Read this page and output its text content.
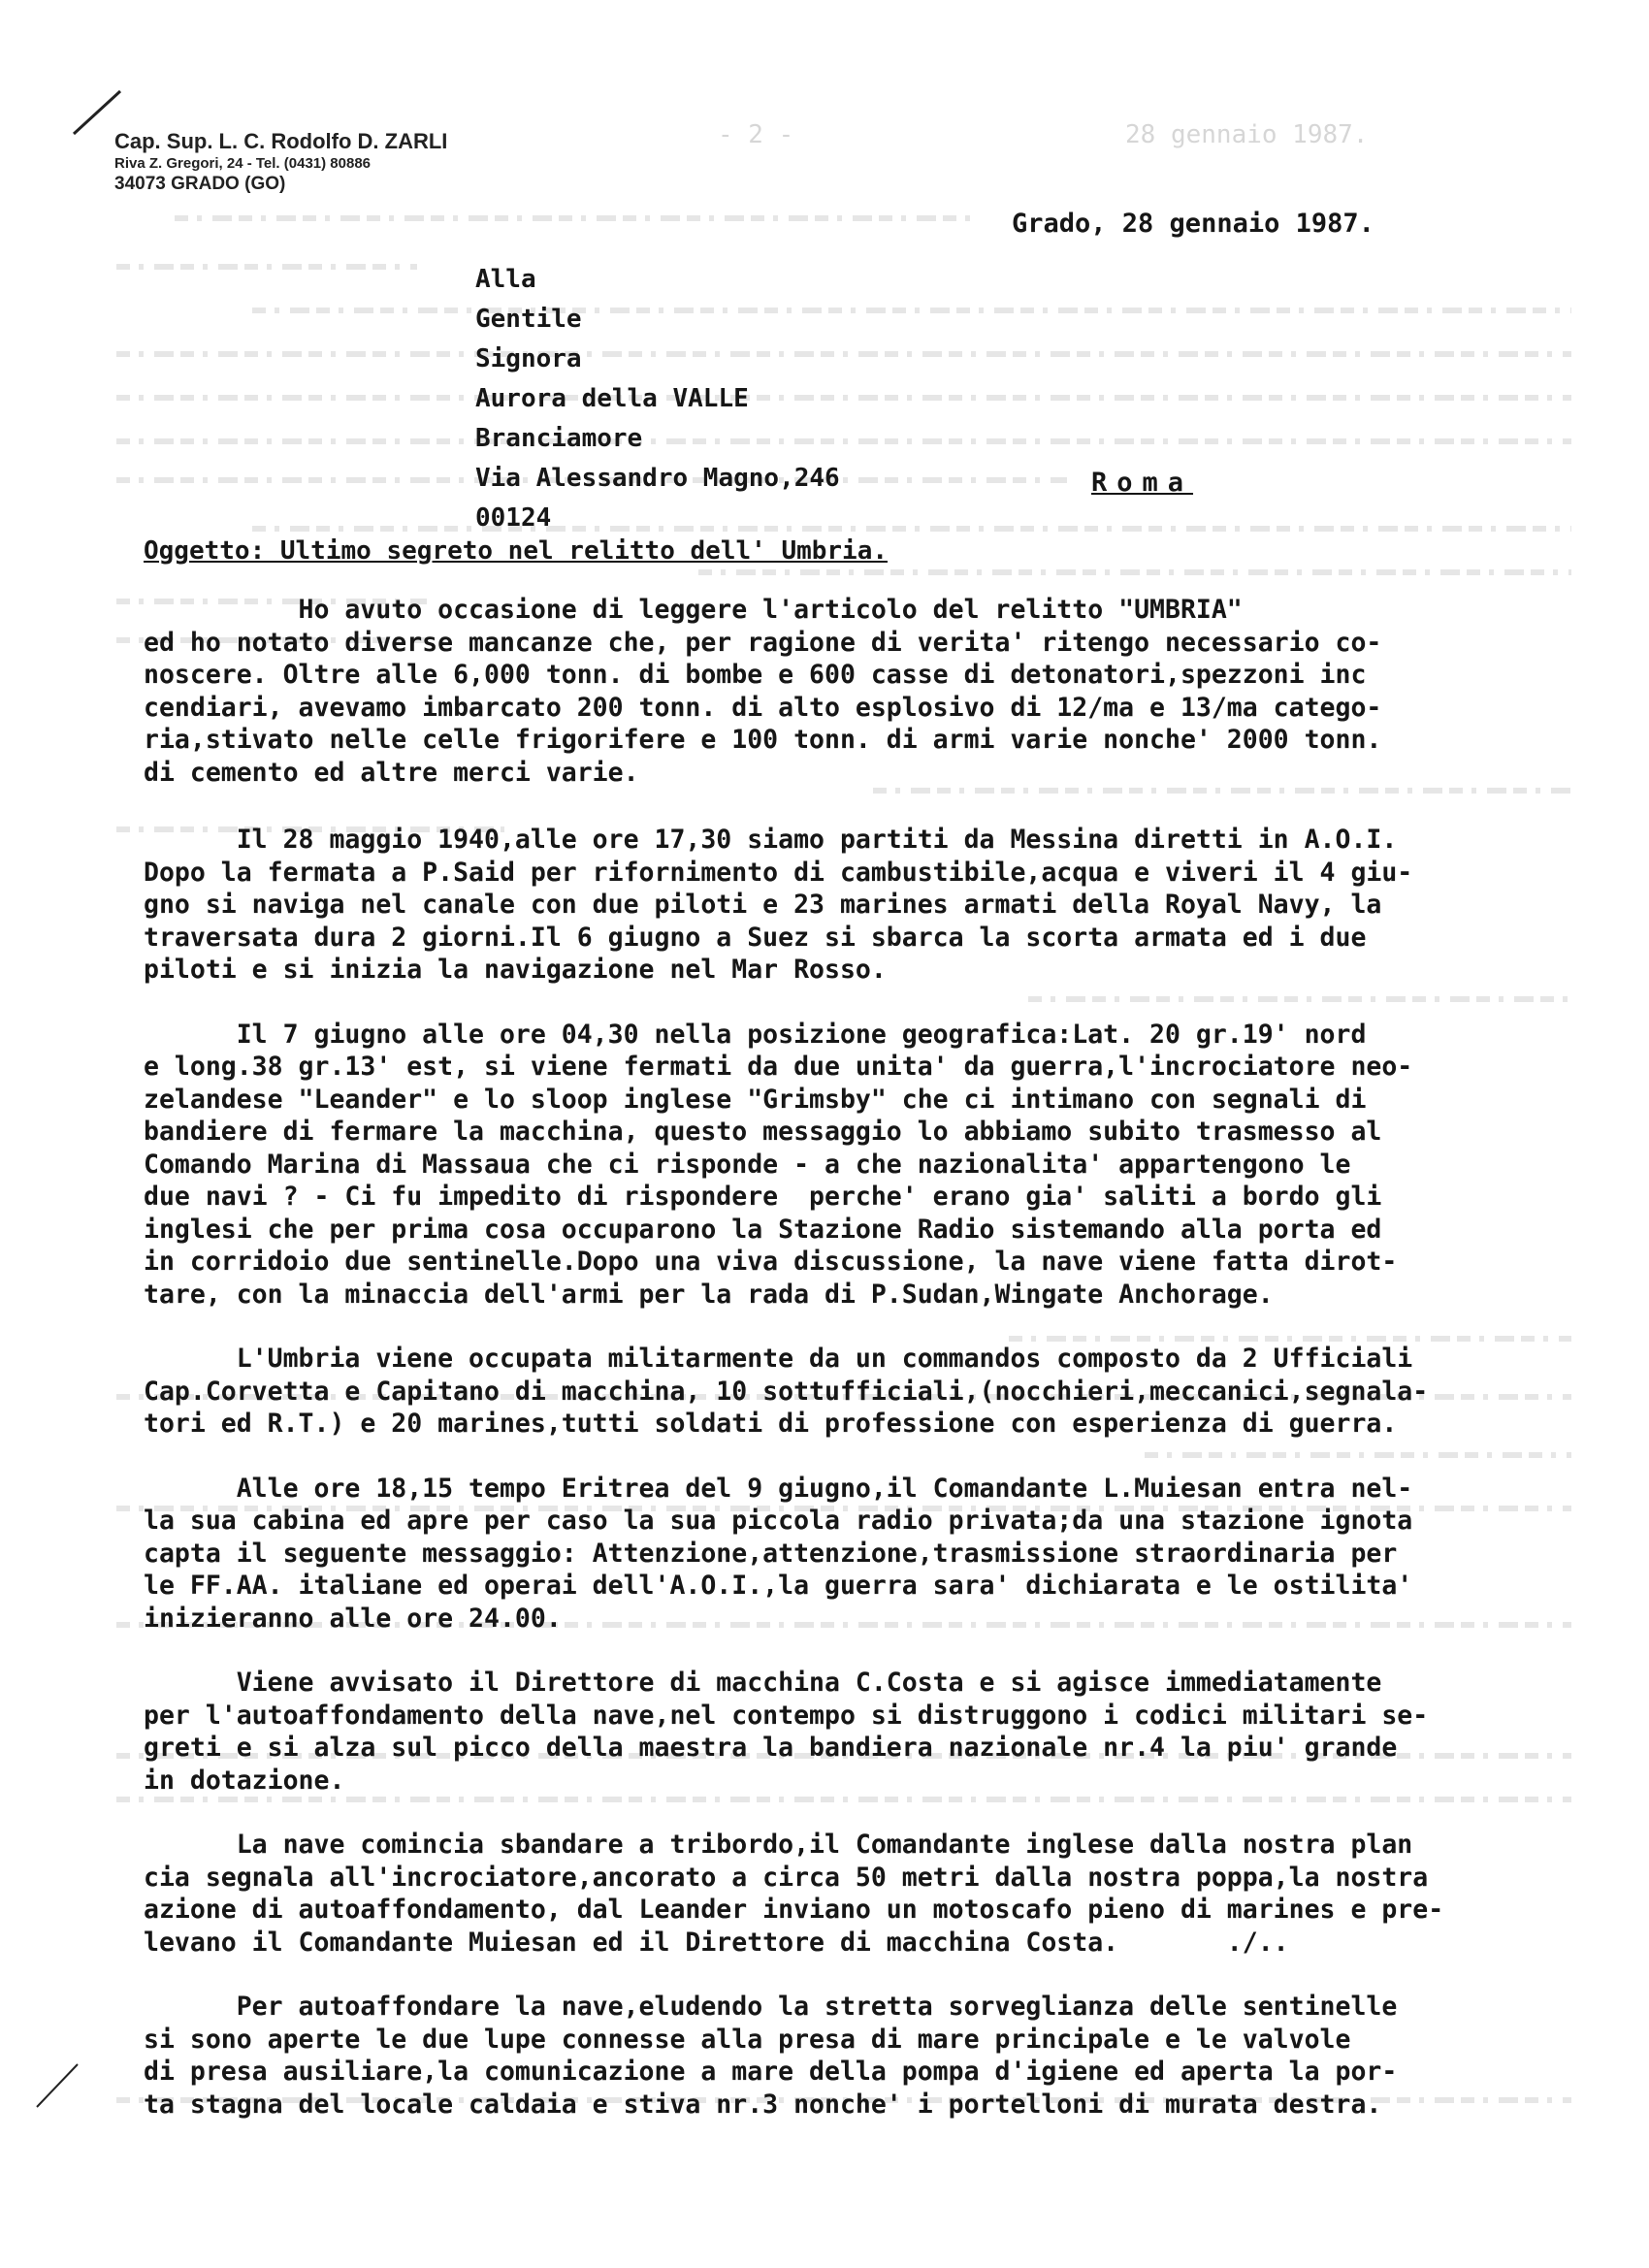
- 2 -	28 gennaio 1987.
Cap. Sup. L. C. Rodolfo D. ZARLI
Riva Z. Gregori, 24 - Tel. (0431) 80886
34073 GRADO (GO)
Grado, 28 gennaio 1987.
Alla
Gentile
Signora
Aurora della VALLE
Branciamore
Via Alessandro Magno,246
00124
Roma
Oggetto: Ultimo segreto nel relitto dell' Umbria.
Ho avuto occasione di leggere l'articolo del relitto "UMBRIA"
ed ho notato diverse mancanze che, per ragione di verita' ritengo necessario co-
noscere. Oltre alle 6,000 tonn. di bombe e 600 casse di detonatori,spezzoni inc
cendiari, avevamo imbarcato 200 tonn. di alto esplosivo di 12/ma e 13/ma catego-
ria,stivato nelle celle frigorifere e 100 tonn. di armi varie nonche' 2000 tonn.
di cemento ed altre merci varie.
Il 28 maggio 1940,alle ore 17,30 siamo partiti da Messina diretti in A.O.I.
Dopo la fermata a P.Said per rifornimento di cambustibile,acqua e viveri il 4 giu-
gno si naviga nel canale con due piloti e 23 marines armati della Royal Navy, la
traversata dura 2 giorni.Il 6 giugno a Suez si sbarca la scorta armata ed i due
piloti e si inizia la navigazione nel Mar Rosso.
Il 7 giugno alle ore 04,30 nella posizione geografica:Lat. 20 gr.19' nord
e long.38 gr.13' est, si viene fermati da due unita' da guerra,l'incrociatore neo-
zelandese "Leander" e lo sloop inglese "Grimsby" che ci intimano con segnali di
bandiere di fermare la macchina, questo messaggio lo abbiamo subito trasmesso al
Comando Marina di Massaua che ci risponde - a che nazionalita' appartengono le
due navi ? - Ci fu impedito di rispondere  perche' erano gia' saliti a bordo gli
inglesi che per prima cosa occuparono la Stazione Radio sistemando alla porta ed
in corridoio due sentinelle.Dopo una viva discussione, la nave viene fatta dirot-
tare, con la minaccia dell'armi per la rada di P.Sudan,Wingate Anchorage.
L'Umbria viene occupata militarmente da un commandos composto da 2 Ufficiali
Cap.Corvetta e Capitano di macchina, 10 sottufficiali,(nocchieri,meccanici,segnala-
tori ed R.T.) e 20 marines,tutti soldati di professione con esperienza di guerra.
Alle ore 18,15 tempo Eritrea del 9 giugno,il Comandante L.Muiesan entra nel-
la sua cabina ed apre per caso la sua piccola radio privata;da una stazione ignota
capta il seguente messaggio: Attenzione,attenzione,trasmissione straordinaria per
le FF.AA. italiane ed operai dell'A.O.I.,la guerra sara' dichiarata e le ostilita'
inizieranno alle ore 24.00.
Viene avvisato il Direttore di macchina C.Costa e si agisce immediatamente
per l'autoaffondamento della nave,nel contempo si distruggono i codici militari se-
greti e si alza sul picco della maestra la bandiera nazionale nr.4 la piu' grande
in dotazione.
La nave comincia sbandare a tribordo,il Comandante inglese dalla nostra plan
cia segnala all'incrociatore,ancorato a circa 50 metri dalla nostra poppa,la nostra
azione di autoaffondamento, dal Leander inviano un motoscafo pieno di marines e pre-
levano il Comandante Muiesan ed il Direttore di macchina Costa.       ./..
Per autoaffondare la nave,eludendo la stretta sorveglianza delle sentinelle
si sono aperte le due lupe connesse alla presa di mare principale e le valvole
di presa ausiliare,la comunicazione a mare della pompa d'igiene ed aperta la por-
ta stagna del locale caldaia e stiva nr.3 nonche' i portelloni di murata destra.
